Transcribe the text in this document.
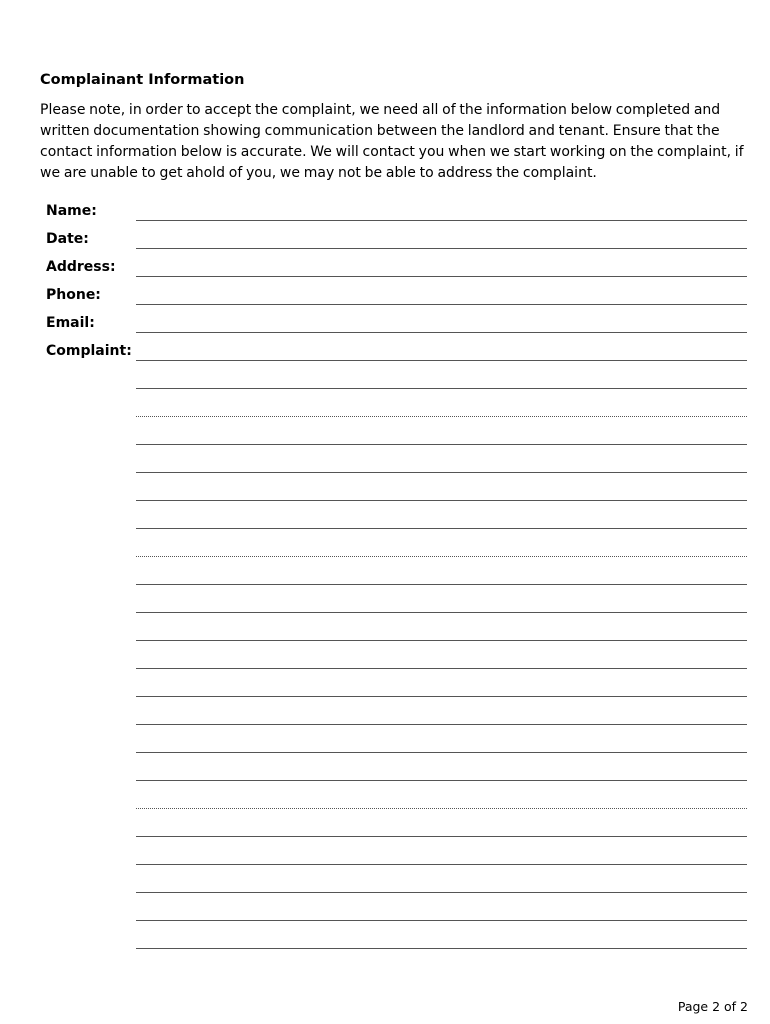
Complainant Information
Please note, in order to accept the complaint, we need all of the information below completed and written documentation showing communication between the landlord and tenant. Ensure that the contact information below is accurate. We will contact you when we start working on the complaint, if we are unable to get ahold of you, we may not be able to address the complaint.
Name:
Date:
Address:
Phone:
Email:
Complaint:
Page 2 of 2
